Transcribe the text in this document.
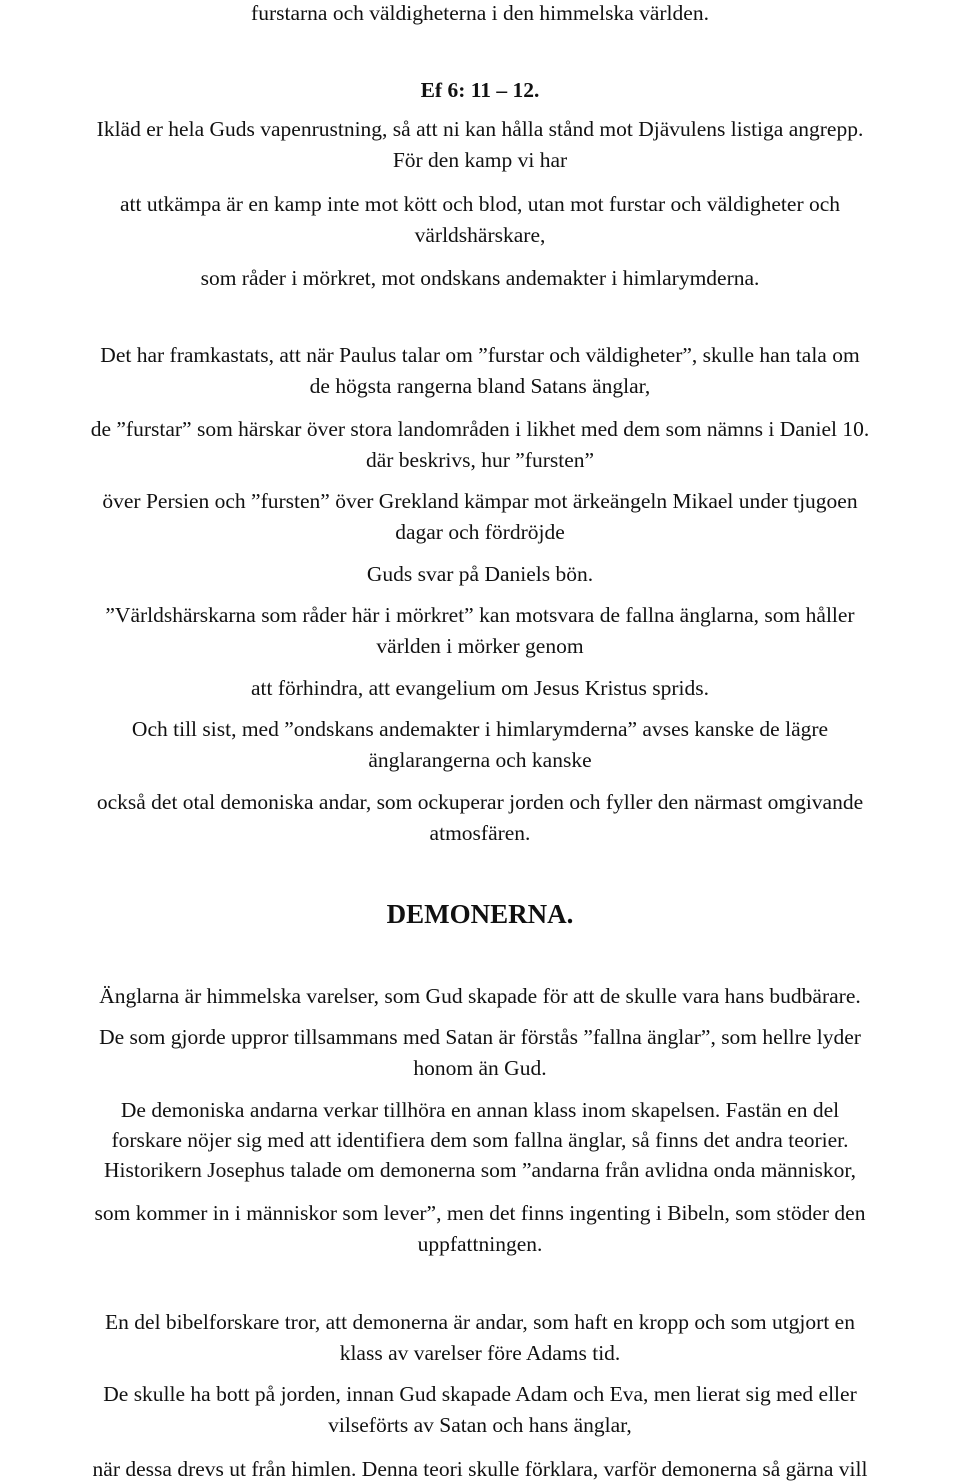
furstarna och väldigheterna i den himmelska världen.
Ef 6: 11 – 12.
Ikläd er hela Guds vapenrustning, så att ni kan hålla stånd mot Djävulens listiga angrepp.
För den kamp vi har
att utkämpa är en kamp inte mot kött och blod, utan mot furstar och väldigheter och
världshärskare,
som råder i mörkret, mot ondskans andemakter i himlarymderna.
Det har framkastats, att när Paulus talar om ”furstar och väldigheter”, skulle han tala om
de högsta rangerna bland Satans änglar,
de ”furstar” som härskar över stora landområden i likhet med dem som nämns i Daniel 10.
där beskrivs, hur ”fursten”
över Persien och ”fursten” över Grekland kämpar mot ärkeängeln Mikael under tjugoen
dagar och fördröjde
Guds svar på Daniels bön.
”Världshärskarna som råder här i mörkret” kan motsvara de fallna änglarna, som håller
världen i mörker genom
att förhindra, att evangelium om Jesus Kristus sprids.
Och till sist, med ”ondskans andemakter i himlarymderna” avses kanske de lägre
änglarangerna och kanske
också det otal demoniska andar, som ockuperar jorden och fyller den närmast omgivande
atmosfären.
DEMONERNA.
Änglarna är himmelska varelser, som Gud skapade för att de skulle vara hans budbärare.
De som gjorde uppror tillsammans med Satan är förstås ”fallna änglar”, som hellre lyder
honom än Gud.
De demoniska andarna verkar tillhöra en annan klass inom skapelsen. Fastän en del
forskare nöjer sig med att identifiera dem som fallna änglar, så finns det andra teorier.
Historikern Josephus talade om demonerna som ”andarna från avlidna onda människor,
som kommer in i människor som lever”, men det finns ingenting i Bibeln, som stöder den
uppfattningen.
En del bibelforskare tror, att demonerna är andar, som haft en kropp och som utgjort en
klass av varelser före Adams tid.
De skulle ha bott på jorden, innan Gud skapade Adam och Eva, men lierat sig med eller
vilseförts av Satan och hans änglar,
när dessa drevs ut från himlen. Denna teori skulle förklara, varför demonerna så gärna vill
